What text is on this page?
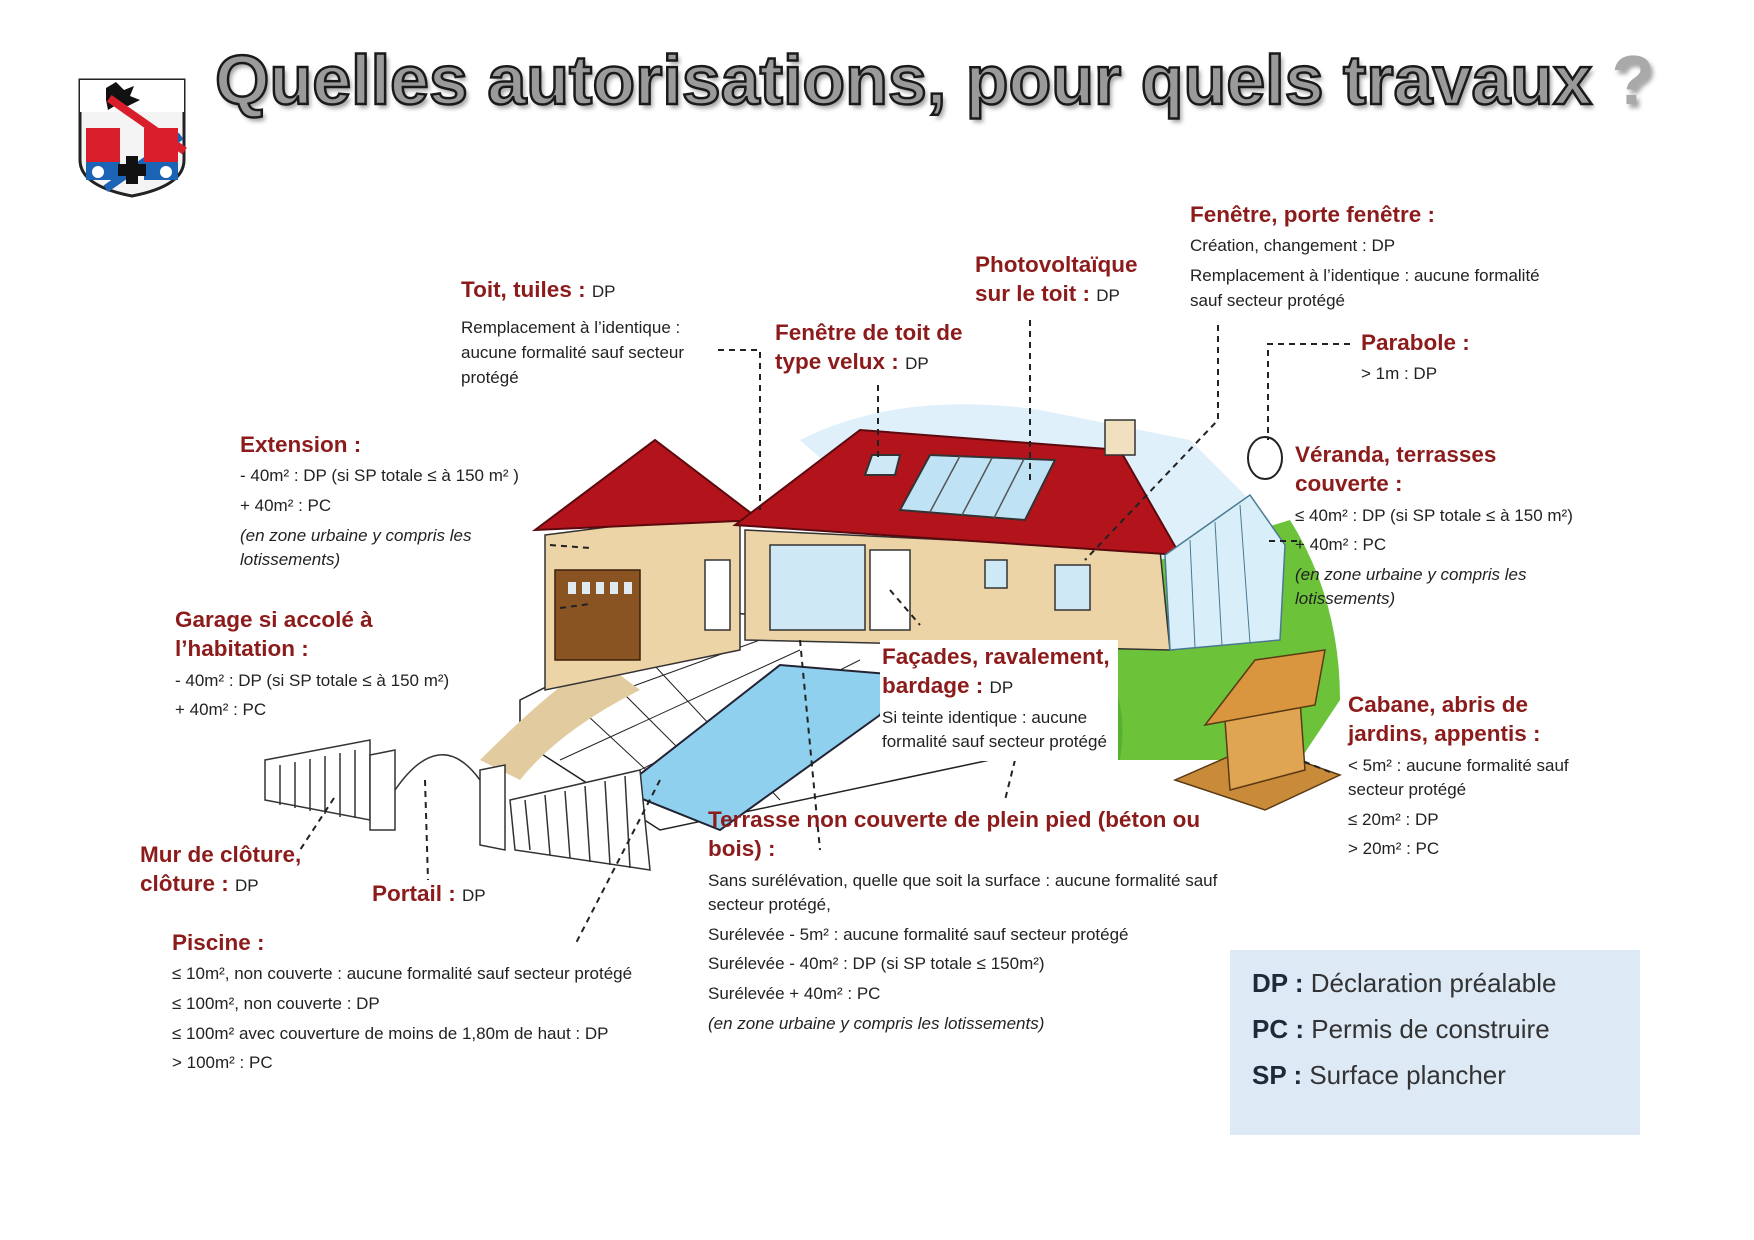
Quelles autorisations, pour quels travaux ?
Toit, tuiles : DP
Remplacement à l’identique :
aucune formalité sauf secteur
protégé
Photovoltaïque
sur le toit : DP
Fenêtre de toit de
type velux : DP
Fenêtre, porte fenêtre :
Création, changement : DP
Remplacement à l’identique : aucune formalité
sauf secteur protégé
Parabole :
> 1m : DP
Extension :
- 40m² : DP (si SP totale ≤ à 150 m² )
+ 40m² : PC
(en zone urbaine y compris les
lotissements)
Véranda, terrasses
couverte :
≤ 40m² : DP (si SP totale ≤ à 150 m²)
+ 40m² : PC
(en zone urbaine y compris les
lotissements)
Garage si accolé à
l’habitation :
- 40m² : DP (si SP totale ≤ à 150 m²)
+ 40m² : PC
Façades, ravalement,
bardage : DP
Si teinte identique : aucune
formalité sauf secteur protégé
Cabane, abris de
jardins, appentis :
< 5m² : aucune formalité sauf
secteur protégé
≤ 20m² : DP
> 20m² : PC
Mur de clôture,
clôture : DP	Portail : DP
Terrasse non couverte de plein pied (béton ou
bois) :
Sans surélévation, quelle que soit la surface : aucune formalité sauf
secteur protégé,
Surélevée - 5m² : aucune formalité sauf secteur protégé
Surélevée - 40m² : DP (si SP totale ≤ 150m²)
Surélevée + 40m² : PC
(en zone urbaine y compris les lotissements)
Piscine :
≤ 10m², non couverte : aucune formalité sauf secteur protégé
≤ 100m², non couverte : DP
≤ 100m² avec couverture de moins de 1,80m de haut : DP
> 100m² : PC
DP : Déclaration préalable
PC : Permis de construire
SP : Surface plancher
